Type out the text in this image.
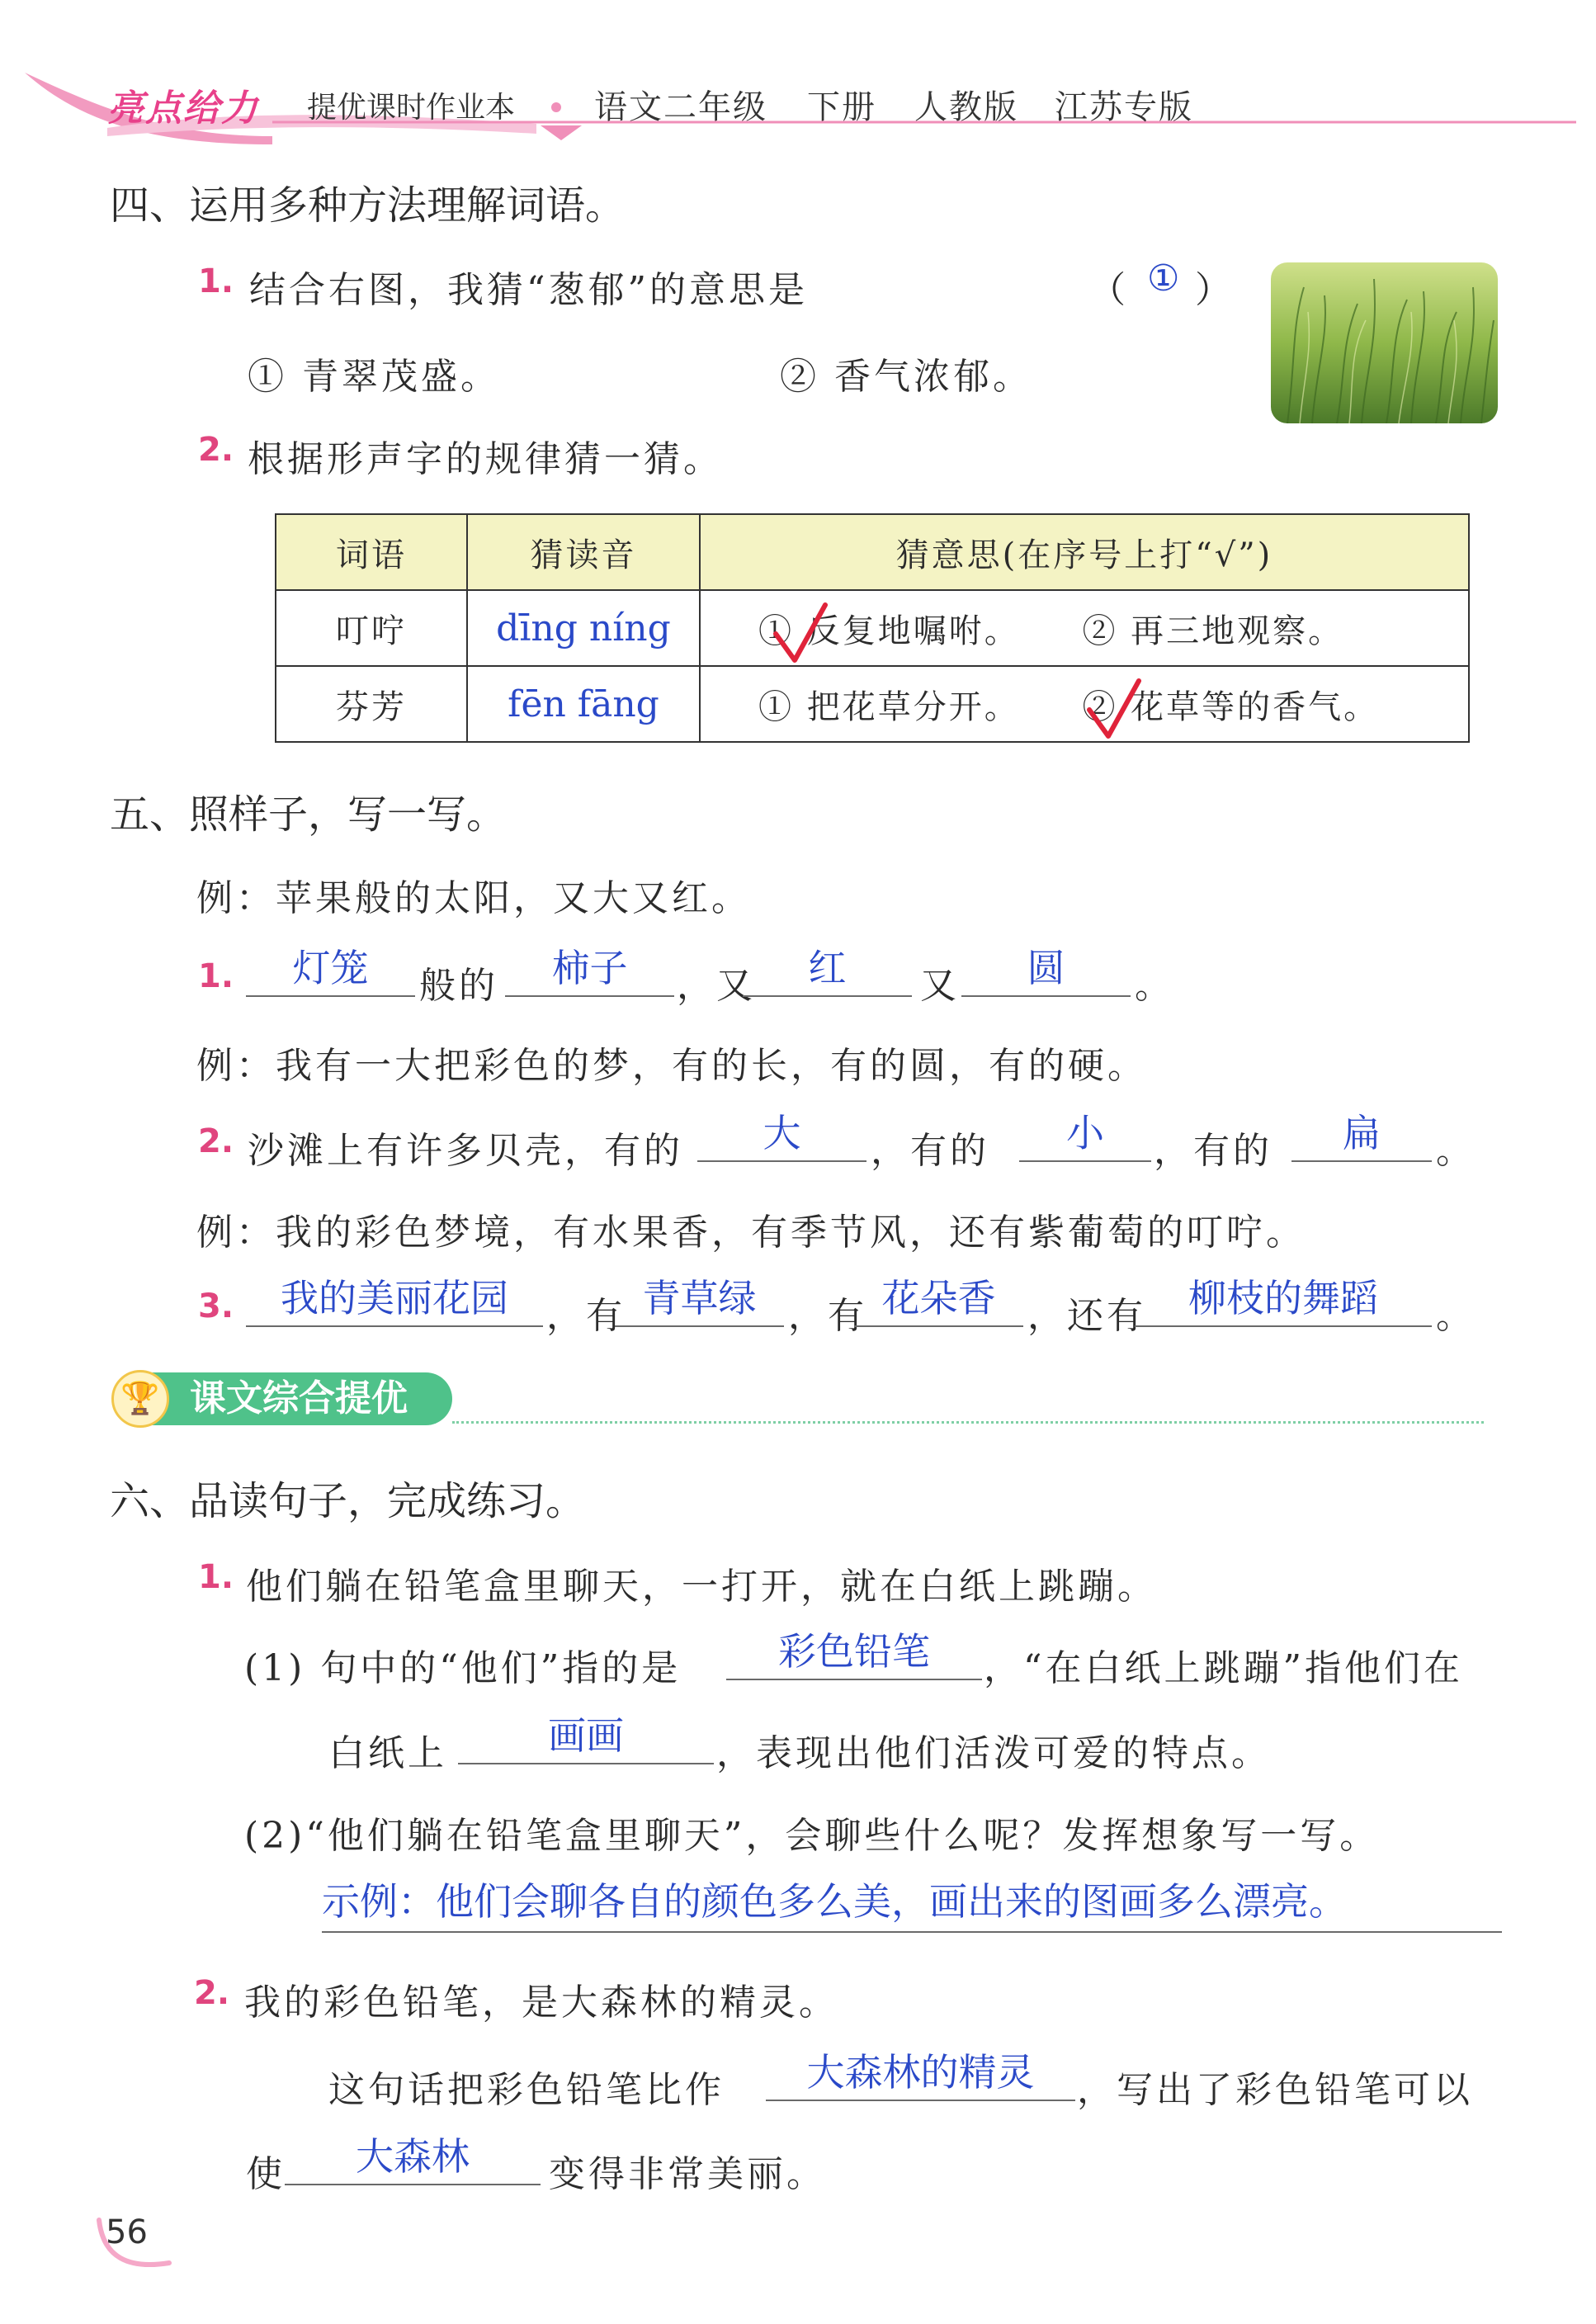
亮点给力 提优课时作业本 语文二年级 下册 人教版 江苏专版
四、运用多种方法理解词语。
1. 结合右图，我猜“葱郁”的意思是	（ ① ）
① 青翠茂盛。	② 香气浓郁。
2. 根据形声字的规律猜一猜。
词语	猜读音	猜意思(在序号上打“√”)
叮咛	dīng níng	① 反复地嘱咐。 ② 再三地观察。
芬芳	fēn fāng	① 把花草分开。 ② 花草等的香气。
五、照样子，写一写。
例：苹果般的太阳，又大又红。
1.	灯笼	般的	柿子	，又	红	又	圆	。
例：我有一大把彩色的梦，有的长，有的圆，有的硬。
2. 沙滩上有许多贝壳，有的	大	，有的	小	，有的	扁	。
例：我的彩色梦境，有水果香，有季节风，还有紫葡萄的叮咛。
3.	我的美丽花园	，有 青草绿 ，有 花朵香 ，还有	柳枝的舞蹈	。
🏆 课文综合提优
六、品读句子，完成练习。
1. 他们躺在铅笔盒里聊天，一打开，就在白纸上跳蹦。
(1) 句中的“他们”指的是	彩色铅笔	，“在白纸上跳蹦”指他们在
白纸上	画画	，表现出他们活泼可爱的特点。
(2)“他们躺在铅笔盒里聊天”，会聊些什么呢？发挥想象写一写。
示例：他们会聊各自的颜色多么美，画出来的图画多么漂亮。
2. 我的彩色铅笔，是大森林的精灵。
这句话把彩色铅笔比作	大森林的精灵	，写出了彩色铅笔可以
使	大森林	变得非常美丽。
56
